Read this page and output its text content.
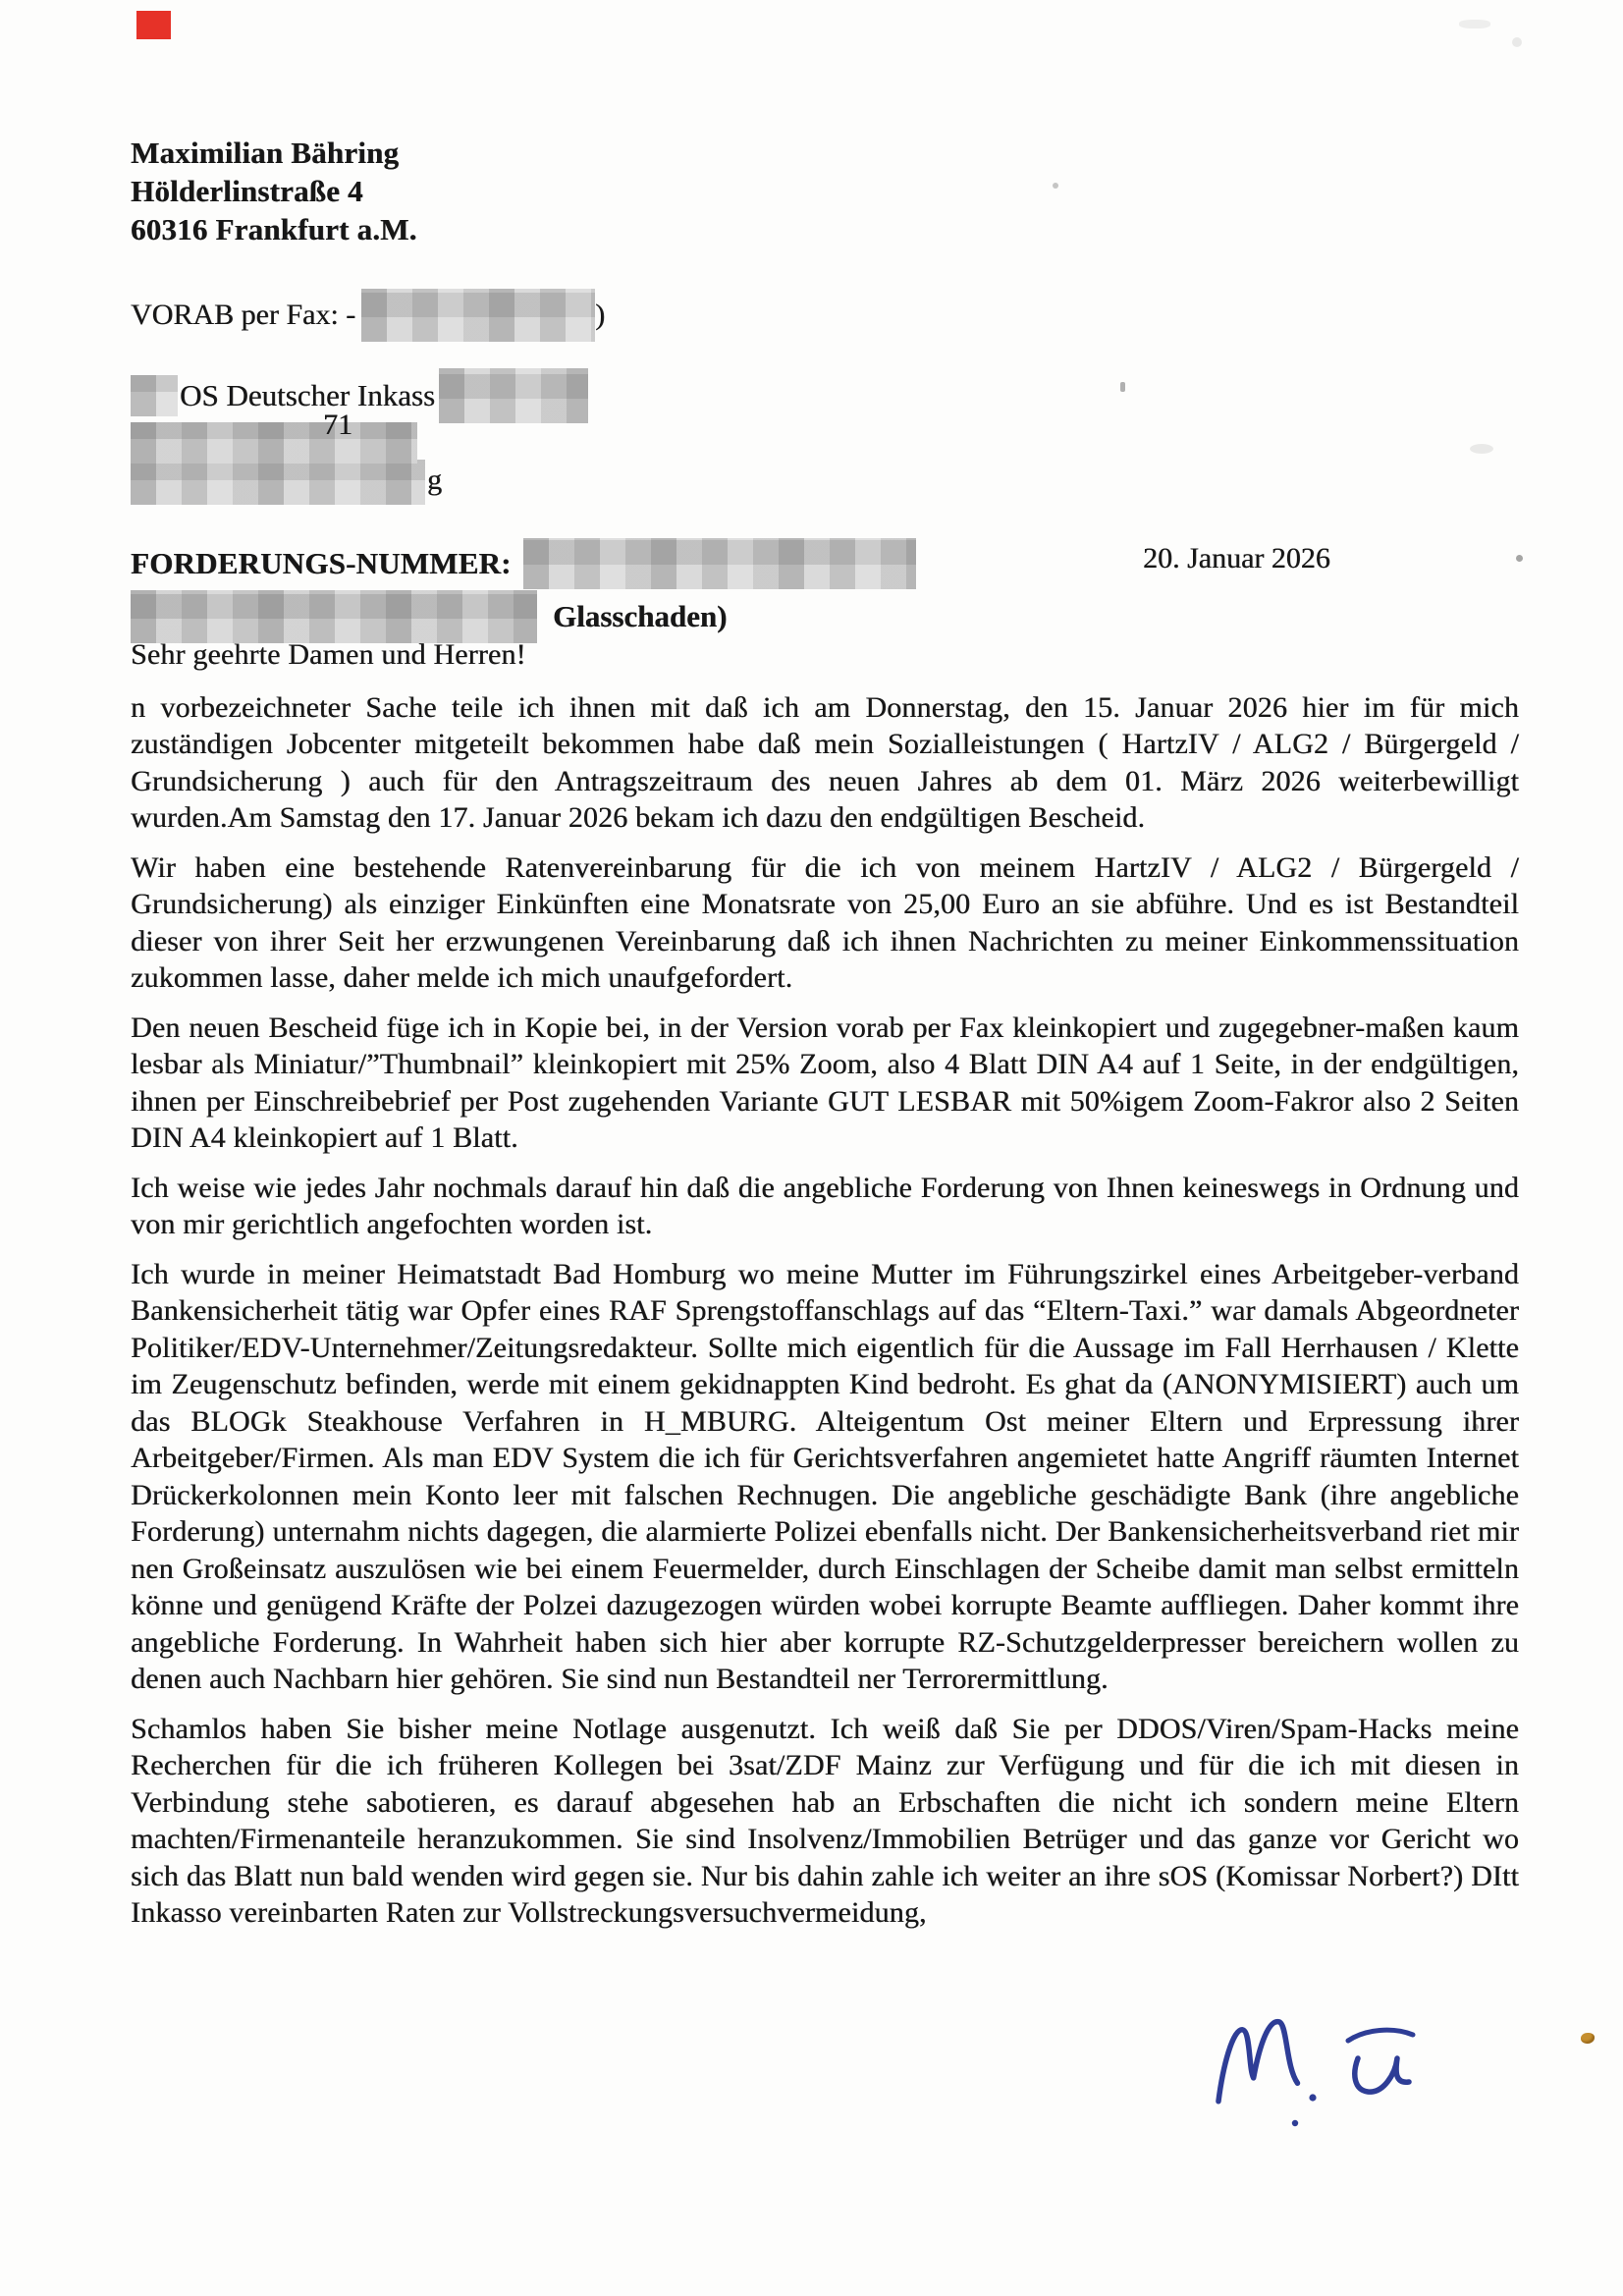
Maximilian Bähring
Hölderlinstraße 4
60316 Frankfurt a.M.
VORAB per Fax: -	)
OS Deutscher Inkass
71
g
FORDERUNGS-NUMMER:	20. Januar 2026
Glasschaden)

Sehr geehrte Damen und Herren!

n vorbezeichneter Sache teile ich ihnen mit daß ich am Donnerstag, den 15. Januar 2026 hier im für mich zuständigen Jobcenter mitgeteilt bekommen habe daß mein Sozialleistungen ( HartzIV / ALG2 / Bürgergeld / Grundsicherung ) auch für den Antragszeitraum des neuen Jahres ab dem 01. März 2026 weiterbewilligt wurden.Am Samstag den 17. Januar 2026 bekam ich dazu den endgültigen Bescheid.

Wir haben eine bestehende Ratenvereinbarung für die ich von meinem HartzIV / ALG2 / Bürgergeld / Grundsicherung) als einziger Einkünften eine Monatsrate von 25,00 Euro an sie abführe. Und es ist Bestandteil dieser von ihrer Seit her erzwungenen Vereinbarung daß ich ihnen Nachrichten zu meiner Einkommenssituation zukommen lasse, daher melde ich mich unaufgefordert.

Den neuen Bescheid füge ich in Kopie bei, in der Version vorab per Fax kleinkopiert und zugegebner-maßen kaum lesbar als Miniatur/”Thumbnail” kleinkopiert mit 25% Zoom, also 4 Blatt DIN A4 auf 1 Seite, in der endgültigen, ihnen per Einschreibebrief per Post zugehenden Variante GUT LESBAR mit 50%igem Zoom-Fakror also 2 Seiten DIN A4 kleinkopiert auf 1 Blatt.

Ich weise wie jedes Jahr nochmals darauf hin daß die angebliche Forderung von Ihnen keineswegs in Ordnung und von mir gerichtlich angefochten worden ist.

Ich wurde in meiner Heimatstadt Bad Homburg wo meine Mutter im Führungszirkel eines Arbeitgeber-verband Bankensicherheit tätig war Opfer eines RAF Sprengstoffanschlags auf das “Eltern-Taxi.” war damals Abgeordneter Politiker/EDV-Unternehmer/Zeitungsredakteur. Sollte mich eigentlich für die Aussage im Fall Herrhausen / Klette im Zeugenschutz befinden, werde mit einem gekidnappten Kind bedroht. Es ghat da (ANONYMISIERT) auch um das BLOGk Steakhouse Verfahren in H_MBURG. Alteigentum Ost meiner Eltern und Erpressung ihrer Arbeitgeber/Firmen. Als man EDV System die ich für Gerichtsverfahren angemietet hatte Angriff räumten Internet Drückerkolonnen mein Konto leer mit falschen Rechnugen. Die angebliche geschädigte Bank (ihre angebliche Forderung) unternahm nichts dagegen, die alarmierte Polizei ebenfalls nicht. Der Bankensicherheitsverband riet mir nen Großeinsatz auszulösen wie bei einem Feuermelder, durch Einschlagen der Scheibe damit man selbst ermitteln könne und genügend Kräfte der Polzei dazugezogen würden wobei korrupte Beamte auffliegen. Daher kommt ihre angebliche Forderung. In Wahrheit haben sich hier aber korrupte RZ-Schutzgelderpresser bereichern wollen zu denen auch Nachbarn hier gehören. Sie sind nun Bestandteil ner Terrorermittlung.

Schamlos haben Sie bisher meine Notlage ausgenutzt. Ich weiß daß Sie per DDOS/Viren/Spam-Hacks meine Recherchen für die ich früheren Kollegen bei 3sat/ZDF Mainz zur Verfügung und für die ich mit diesen in Verbindung stehe sabotieren, es darauf abgesehen hab an Erbschaften die nicht ich sondern meine Eltern machten/Firmenanteile heranzukommen. Sie sind Insolvenz/Immobilien Betrüger und das ganze vor Gericht wo sich das Blatt nun bald wenden wird gegen sie. Nur bis dahin zahle ich weiter an ihre sOS (Komissar Norbert?) DItt Inkasso vereinbarten Raten zur Vollstreckungsversuchvermeidung,
